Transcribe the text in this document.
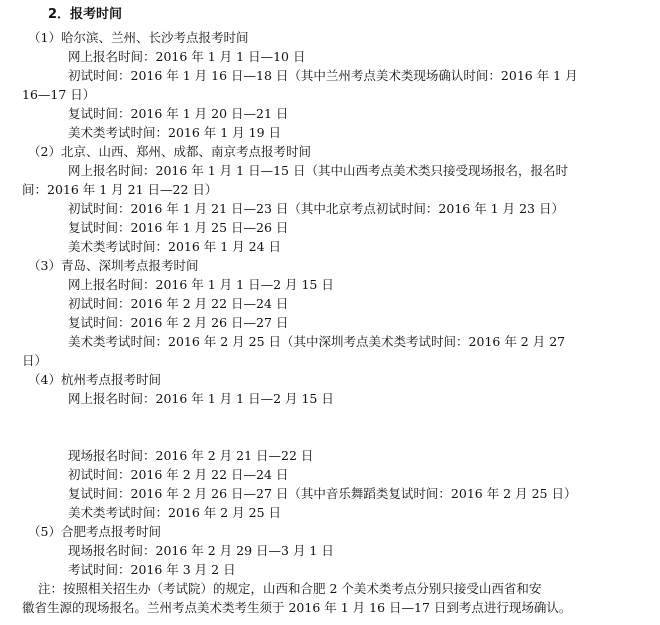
2．报考时间
（1）哈尔滨、兰州、长沙考点报考时间
网上报名时间：2016 年 1 月 1 日—10 日
初试时间：2016 年 1 月 16 日—18 日（其中兰州考点美术类现场确认时间：2016 年 1 月
16—17 日）
复试时间：2016 年 1 月 20 日—21 日
美术类考试时间：2016 年 1 月 19 日
（2）北京、山西、郑州、成都、南京考点报考时间
网上报名时间：2016 年 1 月 1 日—15 日（其中山西考点美术类只接受现场报名，报名时
间：2016 年 1 月 21 日—22 日）
初试时间：2016 年 1 月 21 日—23 日（其中北京考点初试时间：2016 年 1 月 23 日）
复试时间：2016 年 1 月 25 日—26 日
美术类考试时间：2016 年 1 月 24 日
（3）青岛、深圳考点报考时间
网上报名时间：2016 年 1 月 1 日—2 月 15 日
初试时间：2016 年 2 月 22 日—24 日
复试时间：2016 年 2 月 26 日—27 日
美术类考试时间：2016 年 2 月 25 日（其中深圳考点美术类考试时间：2016 年 2 月 27
日）
（4）杭州考点报考时间
网上报名时间：2016 年 1 月 1 日—2 月 15 日
现场报名时间：2016 年 2 月 21 日—22 日
初试时间：2016 年 2 月 22 日—24 日
复试时间：2016 年 2 月 26 日—27 日（其中音乐舞蹈类复试时间：2016 年 2 月 25 日）
美术类考试时间：2016 年 2 月 25 日
（5）合肥考点报考时间
现场报名时间：2016 年 2 月 29 日—3 月 1 日
考试时间：2016 年 3 月 2 日
注：按照相关招生办（考试院）的规定，山西和合肥 2 个美术类考点分别只接受山西省和安
徽省生源的现场报名。兰州考点美术类考生须于 2016 年 1 月 16 日—17 日到考点进行现场确认。
